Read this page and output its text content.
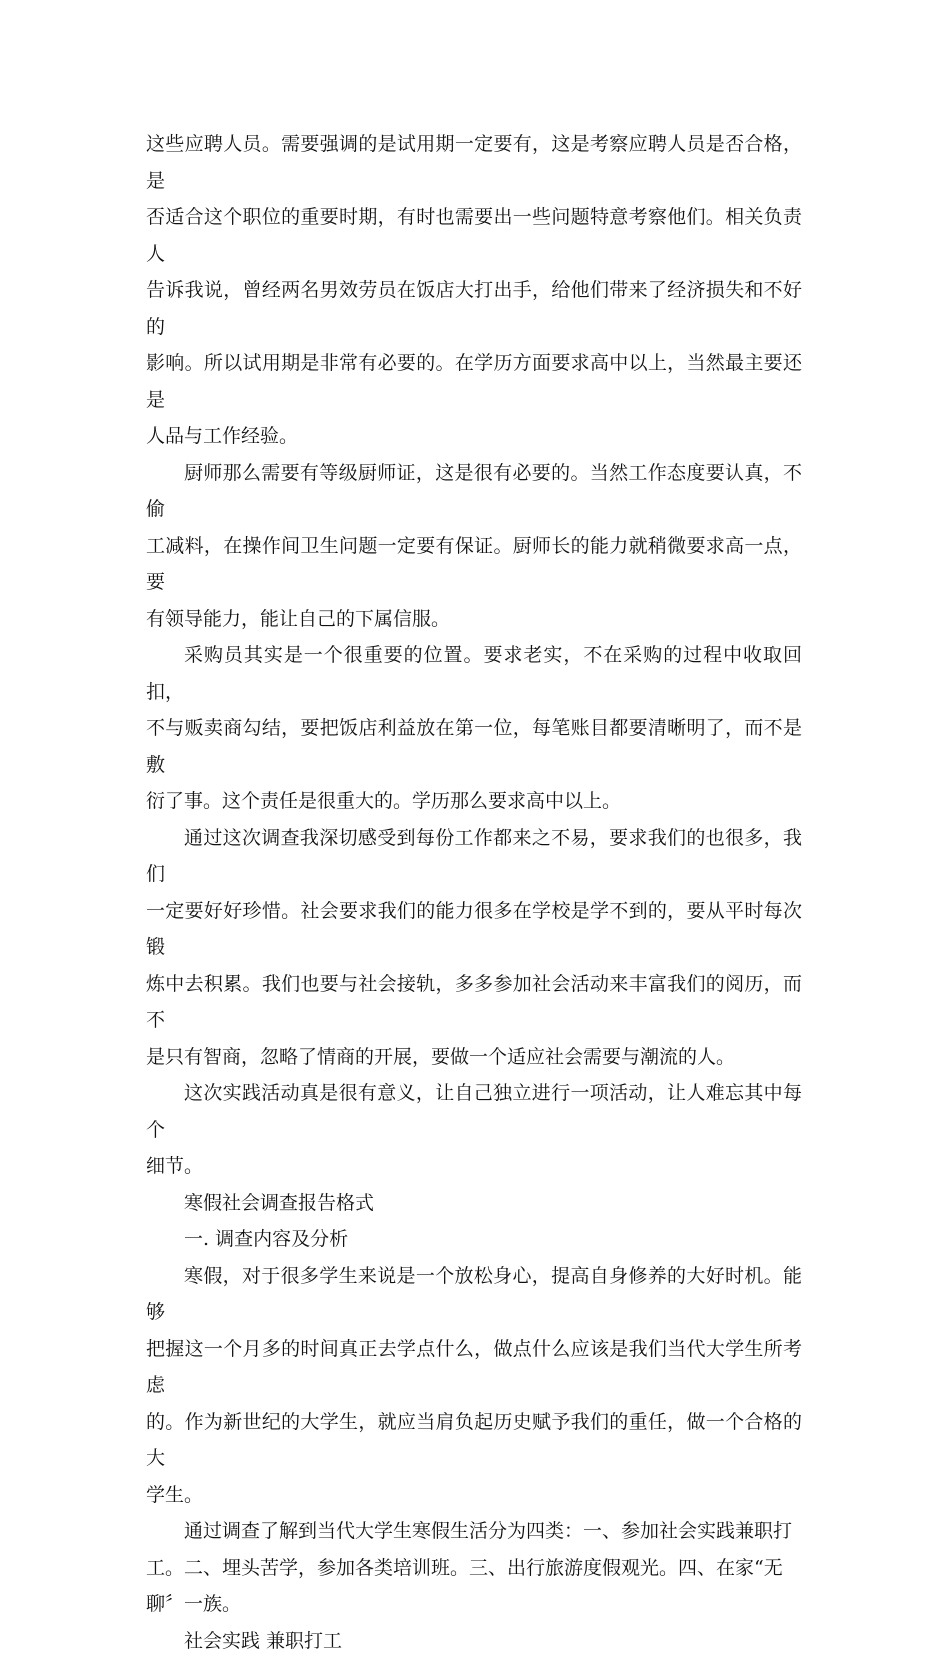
这些应聘人员。需要强调的是试用期一定要有，这是考察应聘人员是否合格，是
否适合这个职位的重要时期，有时也需要出一些问题特意考察他们。相关负责人
告诉我说，曾经两名男效劳员在饭店大打出手，给他们带来了经济损失和不好的
影响。所以试用期是非常有必要的。在学历方面要求高中以上，当然最主要还是
人品与工作经验。

厨师那么需要有等级厨师证，这是很有必要的。当然工作态度要认真，不偷
工减料，在操作间卫生问题一定要有保证。厨师长的能力就稍微要求高一点，要
有领导能力，能让自己的下属信服。

采购员其实是一个很重要的位置。要求老实，不在采购的过程中收取回扣，
不与贩卖商勾结，要把饭店利益放在第一位，每笔账目都要清晰明了，而不是敷
衍了事。这个责任是很重大的。学历那么要求高中以上。

通过这次调查我深切感受到每份工作都来之不易，要求我们的也很多，我们
一定要好好珍惜。社会要求我们的能力很多在学校是学不到的，要从平时每次锻
炼中去积累。我们也要与社会接轨，多多参加社会活动来丰富我们的阅历，而不
是只有智商，忽略了情商的开展，要做一个适应社会需要与潮流的人。

这次实践活动真是很有意义，让自己独立进行一项活动，让人难忘其中每个
细节。

寒假社会调查报告格式

一. 调查内容及分析

寒假，对于很多学生来说是一个放松身心，提高自身修养的大好时机。能够
把握这一个月多的时间真正去学点什么，做点什么应该是我们当代大学生所考虑
的。作为新世纪的大学生，就应当肩负起历史赋予我们的重任，做一个合格的大
学生。

通过调查了解到当代大学生寒假生活分为四类：一、参加社会实践兼职打
工。二、埋头苦学，参加各类培训班。三、出行旅游度假观光。四、在家“无
聊〞一族。

社会实践 兼职打工
